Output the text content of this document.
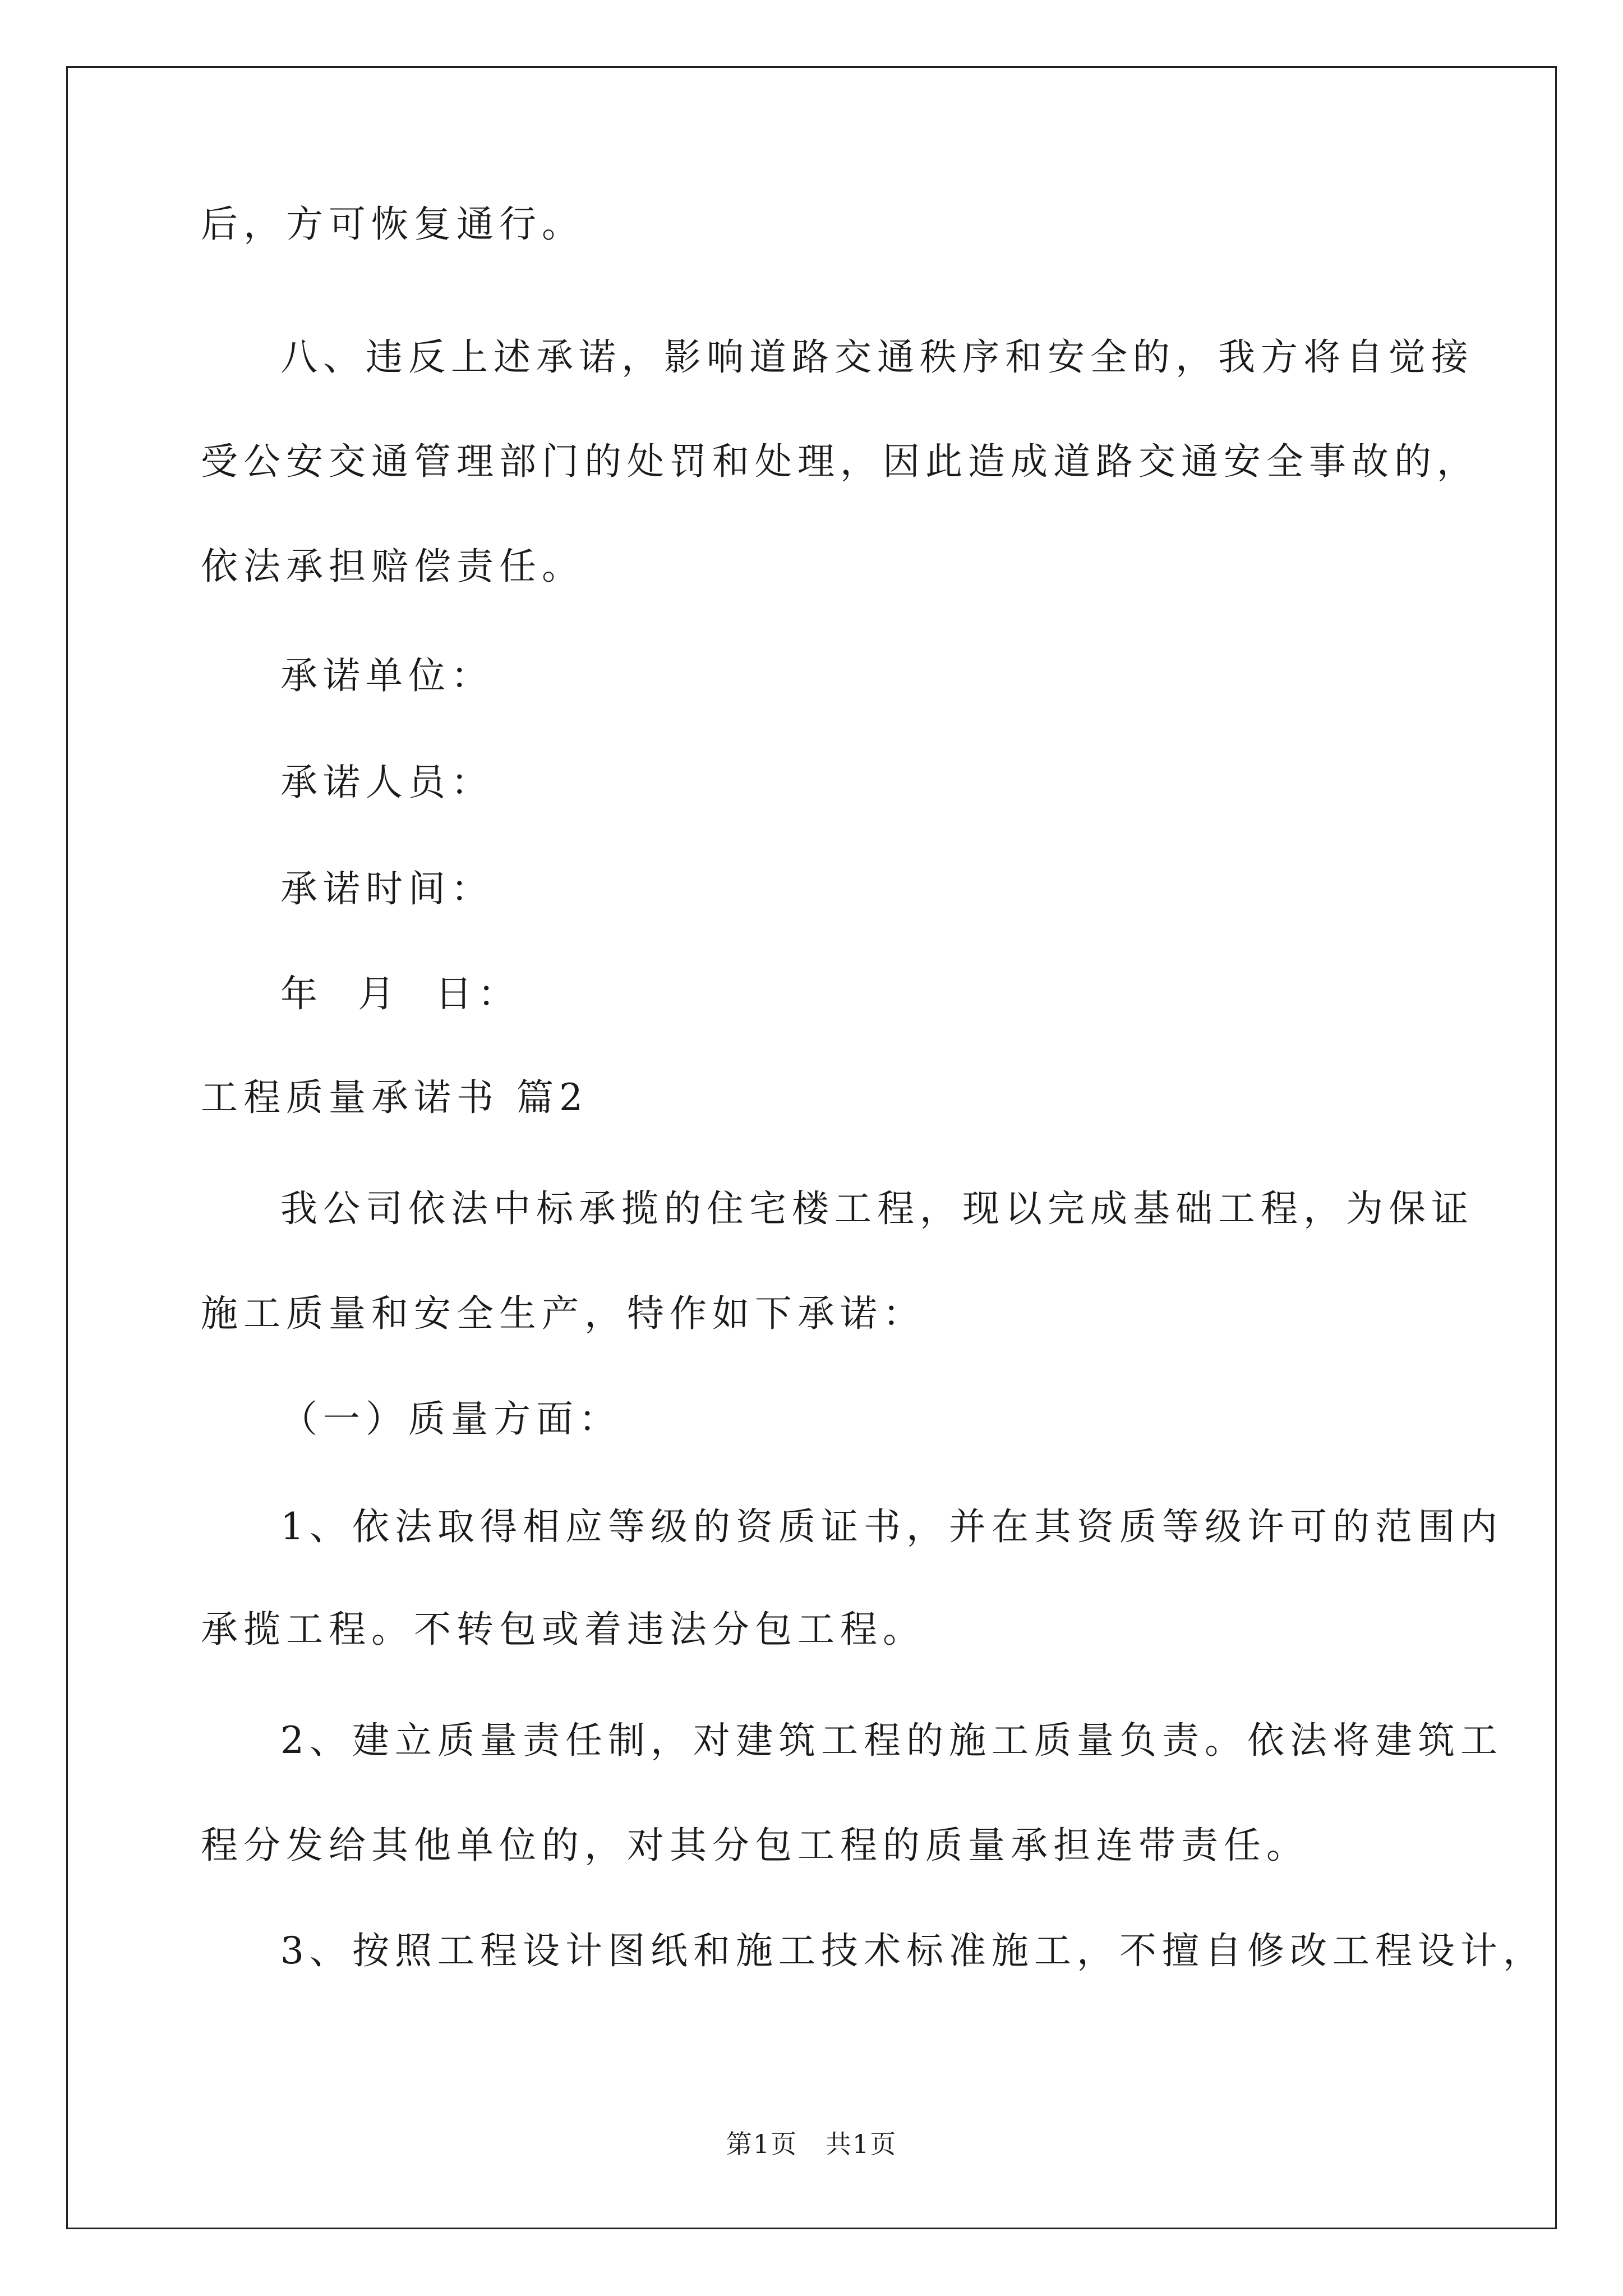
后，方可恢复通行。

八、违反上述承诺，影响道路交通秩序和安全的，我方将自觉接

受公安交通管理部门的处罚和处理，因此造成道路交通安全事故的，

依法承担赔偿责任。

承诺单位：

承诺人员：

承诺时间：

年  月  日：

工程质量承诺书 篇2

我公司依法中标承揽的住宅楼工程，现以完成基础工程，为保证

施工质量和安全生产，特作如下承诺：

（一）质量方面：

1、依法取得相应等级的资质证书，并在其资质等级许可的范围内

承揽工程。不转包或着违法分包工程。

2、建立质量责任制，对建筑工程的施工质量负责。依法将建筑工

程分发给其他单位的，对其分包工程的质量承担连带责任。

3、按照工程设计图纸和施工技术标准施工，不擅自修改工程设计，

第1页   共1页
